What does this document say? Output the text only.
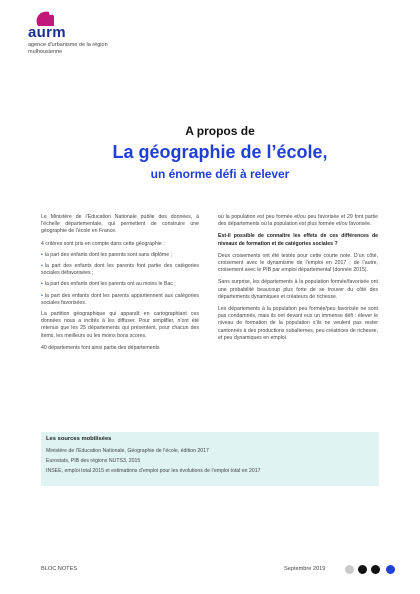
aurm
agence d'urbanisme de la région mulhousienne
A propos de
La géographie de l’école,
un énorme défi à relever

Le Ministère de l’Education Nationale publie des données, à l’échelle départementale, qui permettent de construire une géographie de l’école en France.

4 critères sont pris en compte dans cette géographie :

• la part des enfants dont les parents sont sans diplôme ;

• la part des enfants dont les parents font partie des catégories sociales défavorisées ;

• la part des enfants dont les parents ont au moins le Bac ;

• la part des enfants dont les parents appartiennent aux catégories sociales favorisées.

La partition géographique qui apparaît en cartographiant ces données nous a incités à les diffuser. Pour simplifier, n’ont été retenus que les 25 départements qui présentent, pour chacun des items, les meilleurs ou les moins bons scores.

40 départements font ainsi partie des départements

où la population est peu formée et/ou peu favorisée et 29 font partie des départements où la population est plus formée et/ou favorisée.

Est-il possible de connaître les effets de ces différences de niveaux de formation et de catégories sociales ?

Deux croisements ont été testés pour cette courte note. D’un côté, croisement avec le dynamisme de l’emploi en 2017 ; de l’autre, croisement avec le PIB par emploi départemental (donnée 2015).

Sans surprise, les départements à la population formée/favorisée ont une probabilité beaucoup plus forte de se trouver du côté des départements dynamiques et créateurs de richesse.

Les départements à la population peu formée/peu favorisée ne sont pas condamnés, mais ils ont devant eux un immense défi : élever le niveau de formation de la population s’ils ne veulent pas rester cantonnés à des productions subalternes, peu créatrices de richesse, et peu dynamiques en emploi.

Les sources mobilisées
Ministère de l’Education Nationale, Géographie de l’école, édition 2017
Eurostats, PIB des régions NUTS3, 2015
INSEE, emploi total 2015 et estimations d’emploi pour les évolutions de l’emploi total en 2017
BLOC NOTES	Septembre 2019
